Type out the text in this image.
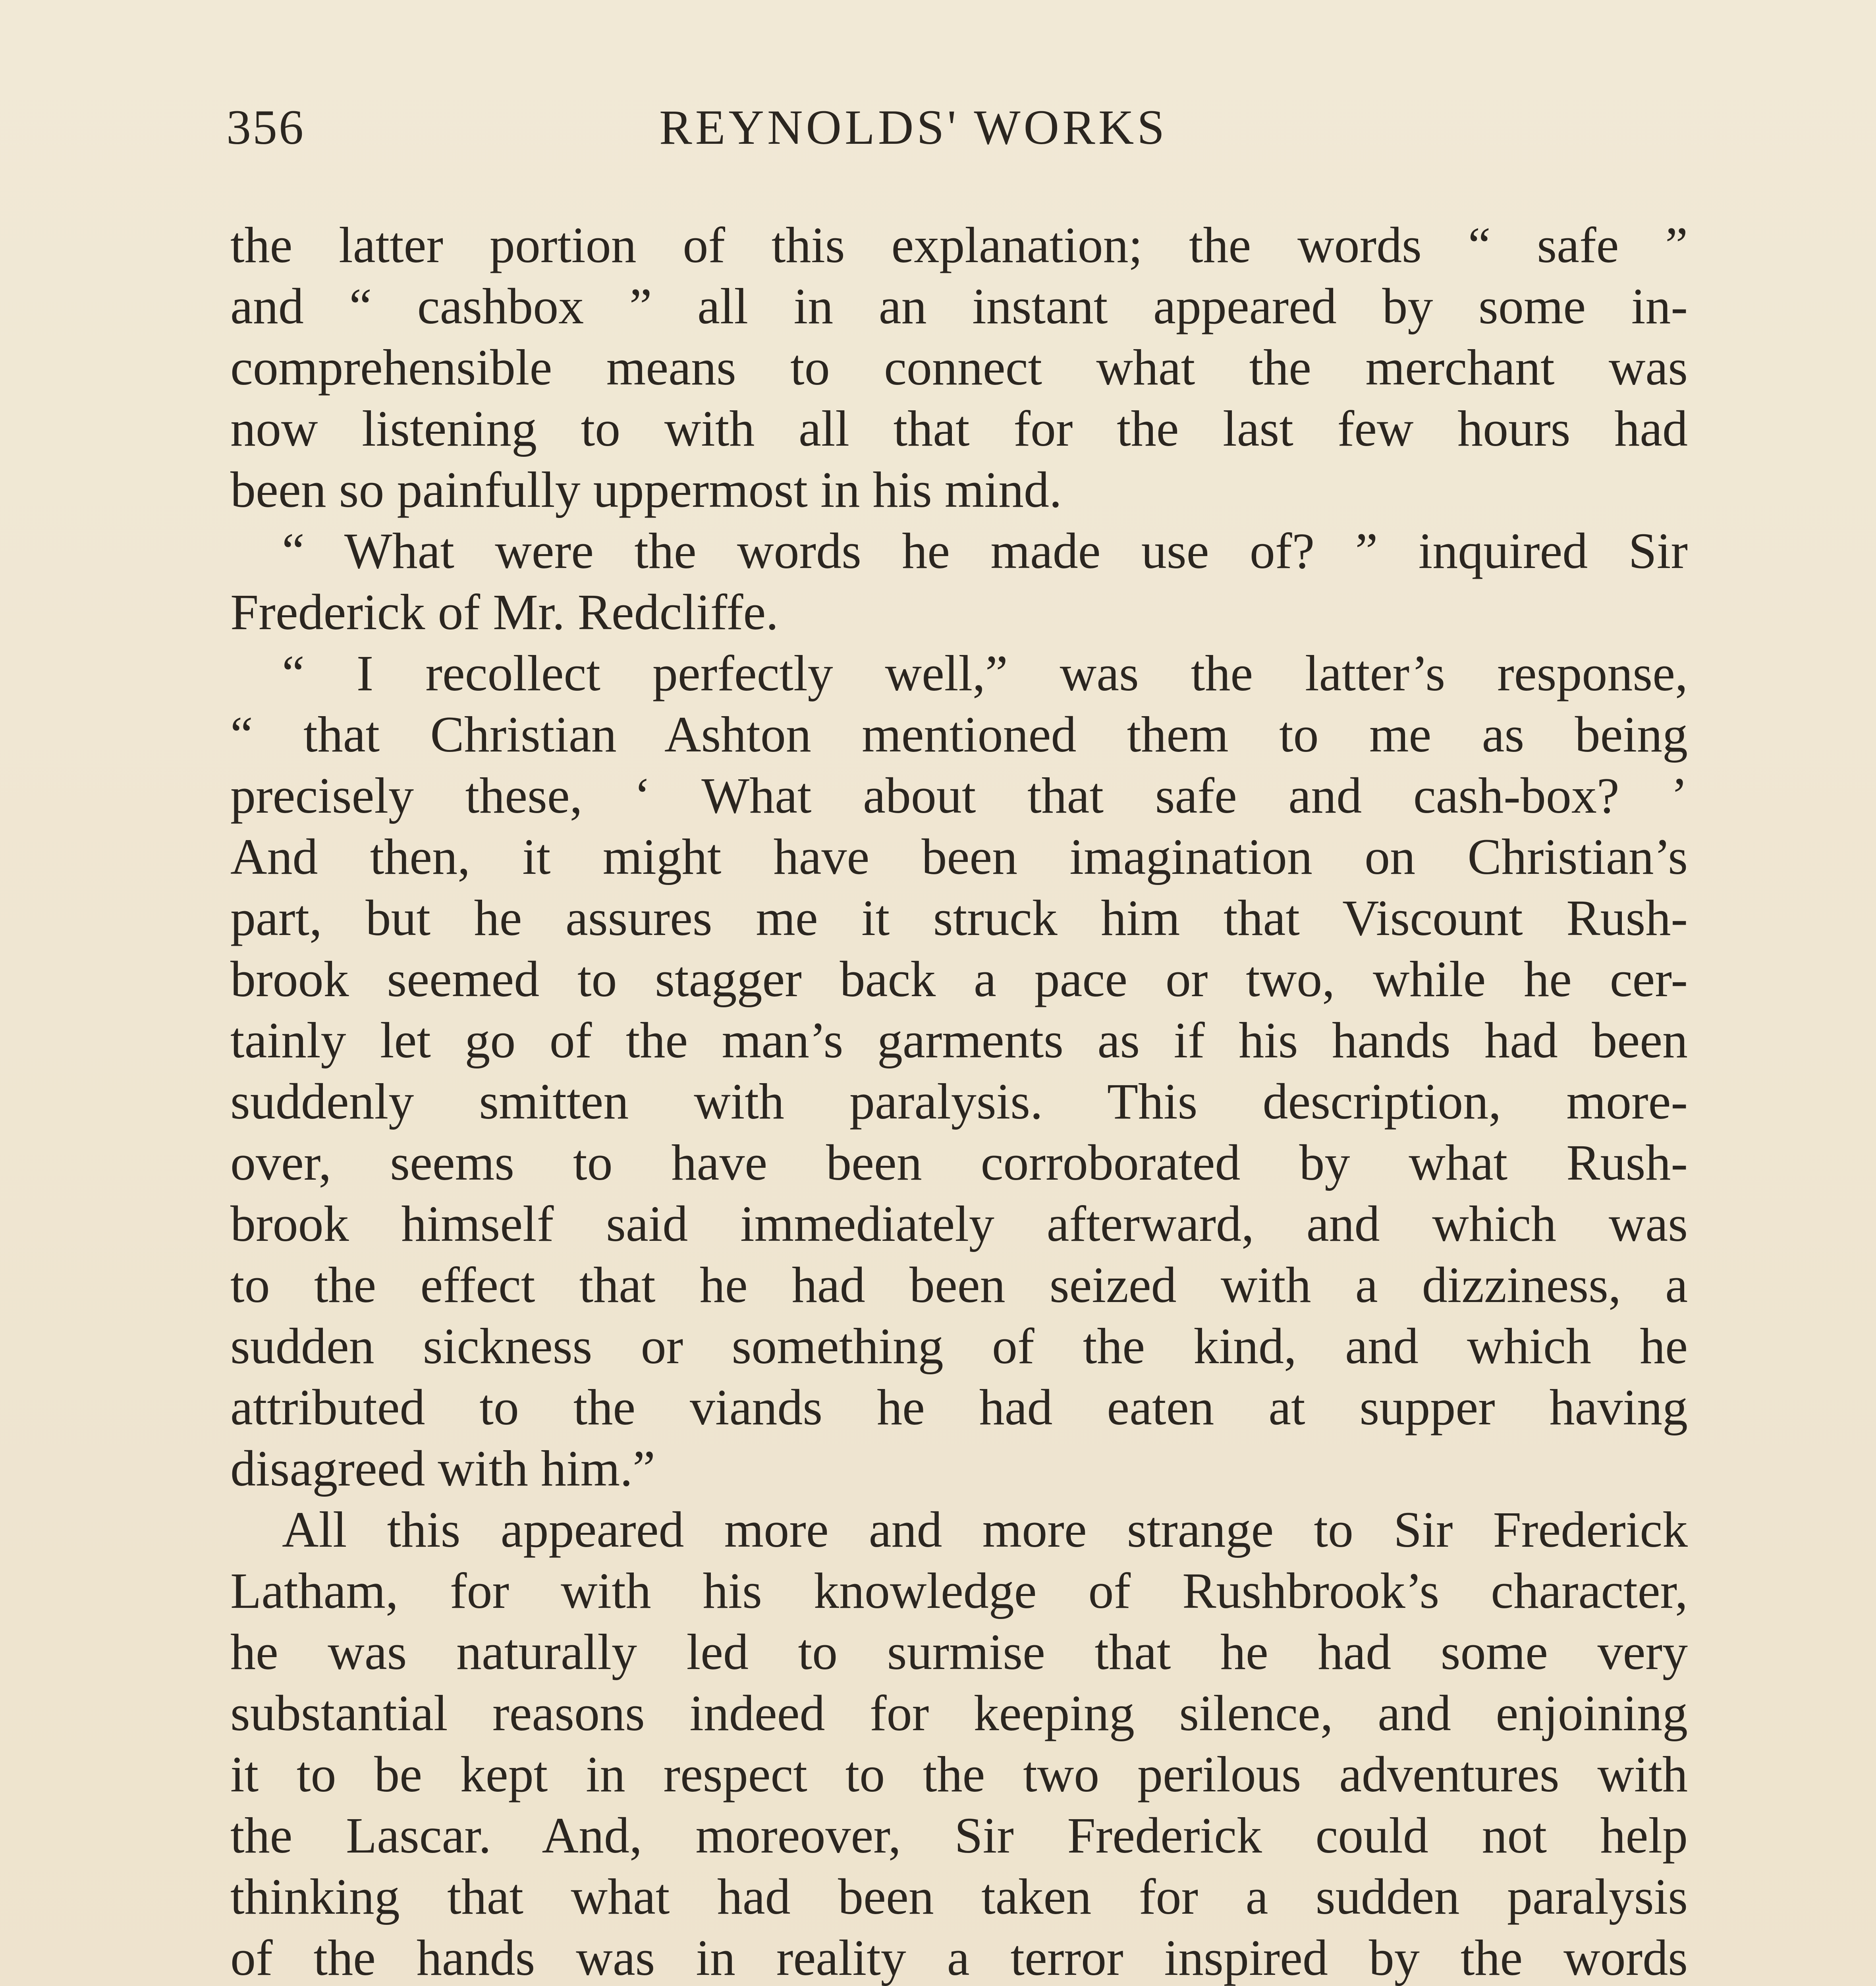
356	REYNOLDS' WORKS
the latter portion of this explanation; the words “ safe ”
and “ cashbox ” all in an instant appeared by some in-
comprehensible means to connect what the merchant was
now listening to with all that for the last few hours had
been so painfully uppermost in his mind.
“ What were the words he made use of? ” inquired Sir
Frederick of Mr. Redcliffe.
“ I recollect perfectly well,” was the latter’s response,
“ that Christian Ashton mentioned them to me as being
precisely these, ‘ What about that safe and cash-box? ’
And then, it might have been imagination on Christian’s
part, but he assures me it struck him that Viscount Rush-
brook seemed to stagger back a pace or two, while he cer-
tainly let go of the man’s garments as if his hands had been
suddenly smitten with paralysis. This description, more-
over, seems to have been corroborated by what Rush-
brook himself said immediately afterward, and which was
to the effect that he had been seized with a dizziness, a
sudden sickness or something of the kind, and which he
attributed to the viands he had eaten at supper having
disagreed with him.”
All this appeared more and more strange to Sir Frederick
Latham, for with his knowledge of Rushbrook’s character,
he was naturally led to surmise that he had some very
substantial reasons indeed for keeping silence, and enjoining
it to be kept in respect to the two perilous adventures with
the Lascar. And, moreover, Sir Frederick could not help
thinking that what had been taken for a sudden paralysis
of the hands was in reality a terror inspired by the words
